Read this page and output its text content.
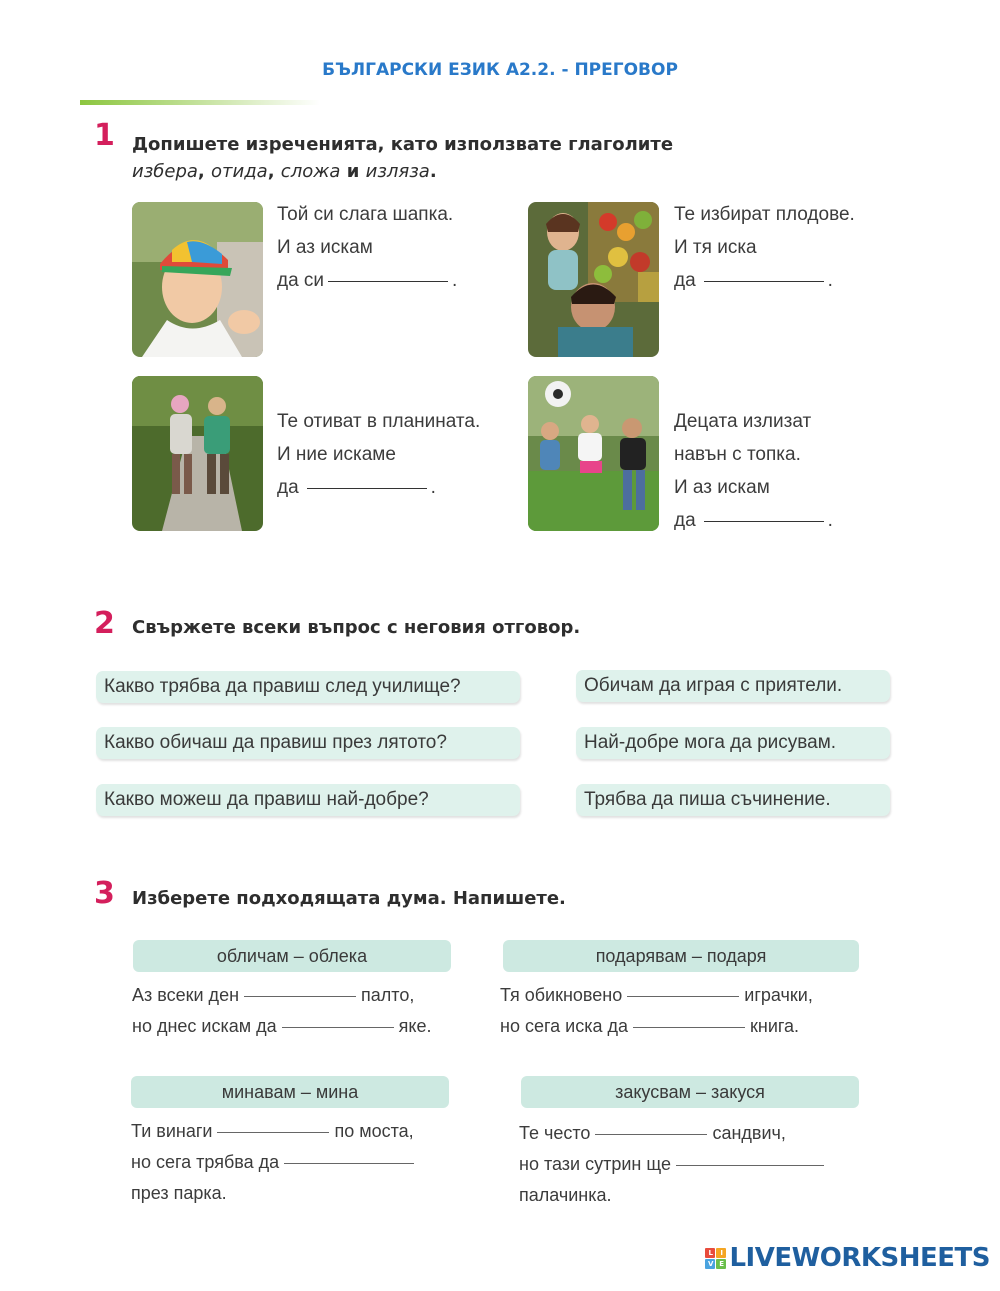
БЪЛГАРСКИ ЕЗИК А2.2. - ПРЕГОВОР
1 Допишете изреченията, като използвате глаголите
избера, отида, сложа и изляза.
Той си слага шапка.
И аз искам
да си	.
Те избират плодове.
И тя иска
да	.
Те отиват в планината.
И ние искаме
да	.
Децата излизат
навън с топка.
И аз искам
да	.
2 Свържете всеки въпрос с неговия отговор.
Какво трябва да правиш след училище?
Какво обичаш да правиш през лятото?
Какво можеш да правиш най-добре?
Обичам да играя с приятели.
Най-добре мога да рисувам.
Трябва да пиша съчинение.
3 Изберете подходящата дума. Напишете.
обличам – облека
Аз всеки ден	палто,
но днес искам да	яке.
подарявам – подаря
Тя обикновено	играчки,
но сега иска да	книга.
минавам – мина
Ти винаги	по моста,
но сега трябва да
през парка.
закусвам – закуся
Те често	сандвич,
но тази сутрин ще
палачинка.
L	I
V E LIVEWORKSHEETS
